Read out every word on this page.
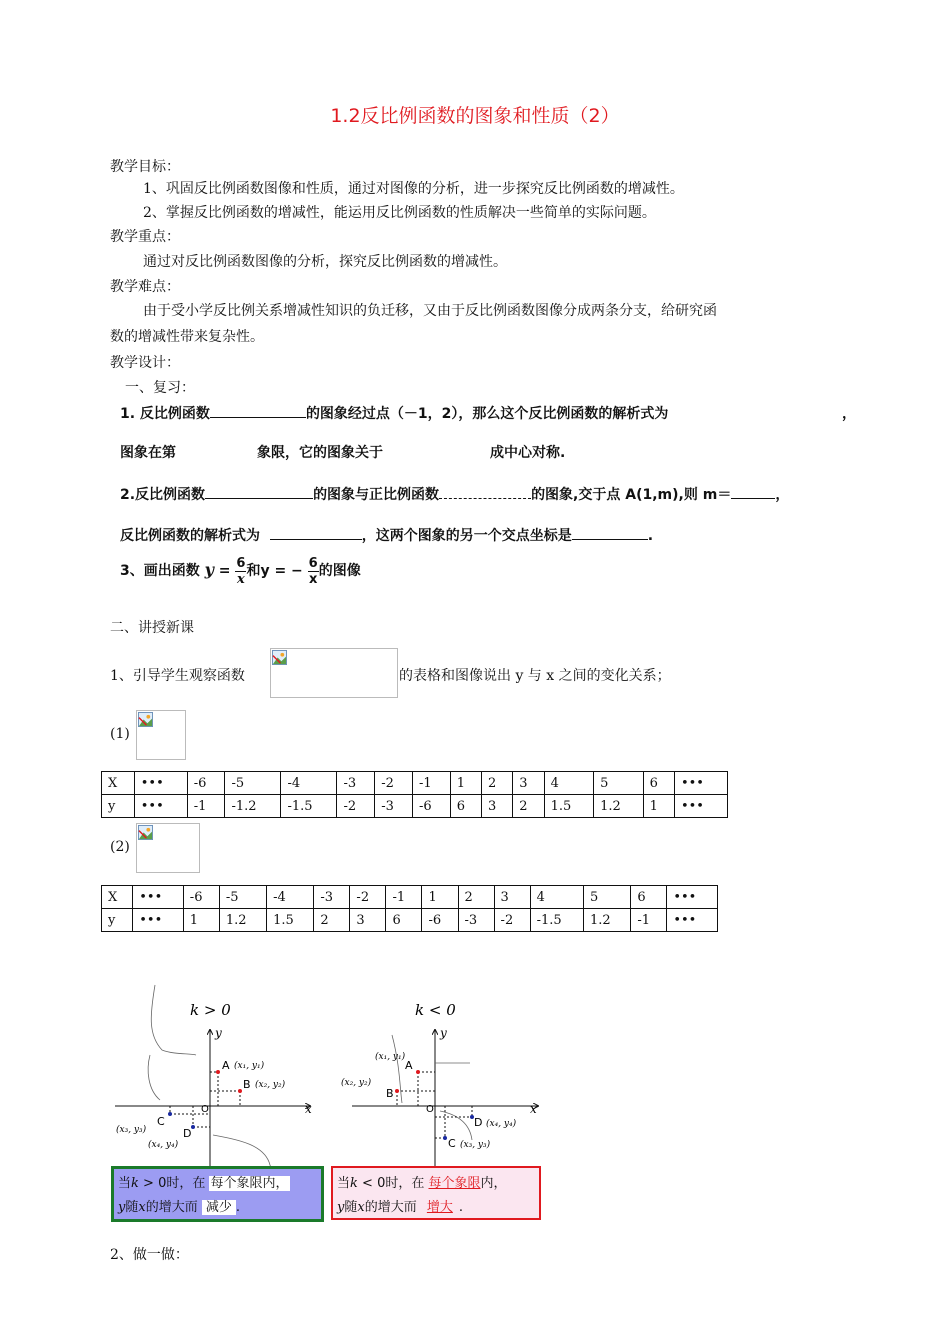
1.2反比例函数的图象和性质（2）
教学目标：
1、巩固反比例函数图像和性质，通过对图像的分析，进一步探究反比例函数的增减性。
2、掌握反比例函数的增减性，能运用反比例函数的性质解决一些简单的实际问题。
教学重点：
通过对反比例函数图像的分析，探究反比例函数的增减性。
教学难点：
由于受小学反比例关系增减性知识的负迁移，又由于反比例函数图像分成两条分支，给研究函
数的增减性带来复杂性。
教学设计：
一、复习：
1. 反比例函数	的图象经过点（－1，2），那么这个反比例函数的解析式为	，
图象在第	象限，它的图象关于	成中心对称.
2.反比例函数	的图象与正比例函数	的图象,交于点 A(1,m),则 m＝	，
反比例函数的解析式为	，这两个图象的另一个交点坐标是	.
3、画出函数 $y = \frac{6}{x}$ 和y = − $\frac{6}{x}$ 的图像
二、讲授新课
1、引导学生观察函数	的表格和图像说出 y 与 x 之间的变化关系；
(1)
X	•••	-6	-5	-4	-3	-2	-1	1	2	3	4	5	6	•••
y	•••	-1	-1.2	-1.5	-2	-3	-6	6	3	2	1.5	1.2	1	•••
(2)
X	•••	-6	-5	-4	-3	-2	-1	1	2	3	4	5	6	•••
y	•••	1	1.2	1.5	2	3	6	-6	-3	-2	-1.5	1.2	-1	•••
k > 0
y
x
O
A (x₁, y₁)
B (x₂, y₂)
C
(x₃, y₃)	D
(x₄, y₄)
k < 0
y
x
O
A
(x₁, y₁)
B
(x₂, y₂)
C (x₃, y₃)
D (x₄, y₄)
当k > 0时，在 每个象限内，
y随x的增大而 减少 .
当k < 0时，在 每个象限内，
y随x的增大而 增大 .
2、做一做：
